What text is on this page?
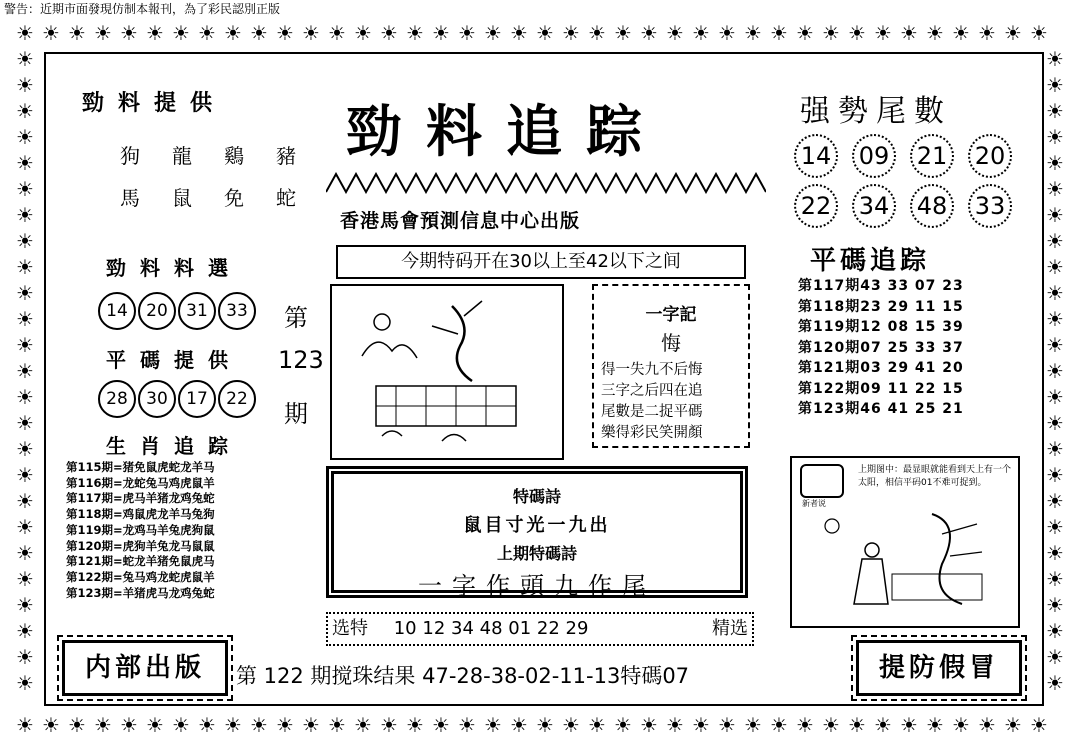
警告：近期市面發現仿制本報刊，為了彩民認別正版
☀ ☀ ☀ ☀ ☀ ☀ ☀ ☀ ☀ ☀ ☀ ☀ ☀ ☀ ☀ ☀ ☀ ☀ ☀ ☀ ☀ ☀ ☀ ☀ ☀ ☀ ☀ ☀ ☀ ☀ ☀ ☀ ☀ ☀ ☀ ☀ ☀ ☀ ☀ ☀
☀ ☀ ☀ ☀ ☀ ☀ ☀ ☀ ☀ ☀ ☀ ☀ ☀ ☀ ☀ ☀ ☀ ☀ ☀ ☀ ☀ ☀ ☀ ☀ ☀ ☀ ☀ ☀ ☀ ☀ ☀ ☀ ☀ ☀ ☀ ☀ ☀ ☀ ☀ ☀
☀
☀
☀
☀
☀
☀
☀
☀
☀
☀
☀
☀
☀
☀
☀
☀
☀
☀
☀
☀
☀
☀
☀
☀
☀
☀
☀
☀
☀
☀
☀
☀
☀
☀
☀
☀
☀
☀
☀
☀
☀
☀
☀
☀
☀
☀
☀
☀
☀
☀
勁料提供
狗 龍 鷄 豬
馬 鼠 免 蛇
勁料料選
14 20 31 33
平碼提供
28 30 17 22
生肖追踪
第115期=猪免鼠虎蛇龙羊马
第116期=龙蛇兔马鸡虎鼠羊
第117期=虎马羊猪龙鸡兔蛇
第118期=鸡鼠虎龙羊马兔狗
第119期=龙鸡马羊兔虎狗鼠
第120期=虎狗羊兔龙马鼠鼠
第121期=蛇龙羊猪免鼠虎马
第122期=兔马鸡龙蛇虎鼠羊
第123期=羊猪虎马龙鸡兔蛇
第
123
期
勁料追踪
香港馬會預測信息中心出版
今期特码开在30以上至42以下之间
一字記
悔
得一失九不后悔
三字之后四在追
尾數是二捉平碼
樂得彩民笑開顏
特碼詩
鼠目寸光一九出
上期特碼詩
一字作頭九作尾
选特 10 12 34 48 01 22 29	精选
第 122 期搅珠结果 47-28-38-02-11-13特碼07
内部出版	提防假冒
强勢尾數
14 09 21 20
22 34 48 33
平碼追踪
第117期43 33 07 23
第118期23 29 11 15
第119期12 08 15 39
第120期07 25 33 37
第121期03 29 41 20
第122期09 11 22 15
第123期46 41 25 21
新者说
上期图中：最显眼就能看到天上有一个太阳，相信平码01不难可捉到。
